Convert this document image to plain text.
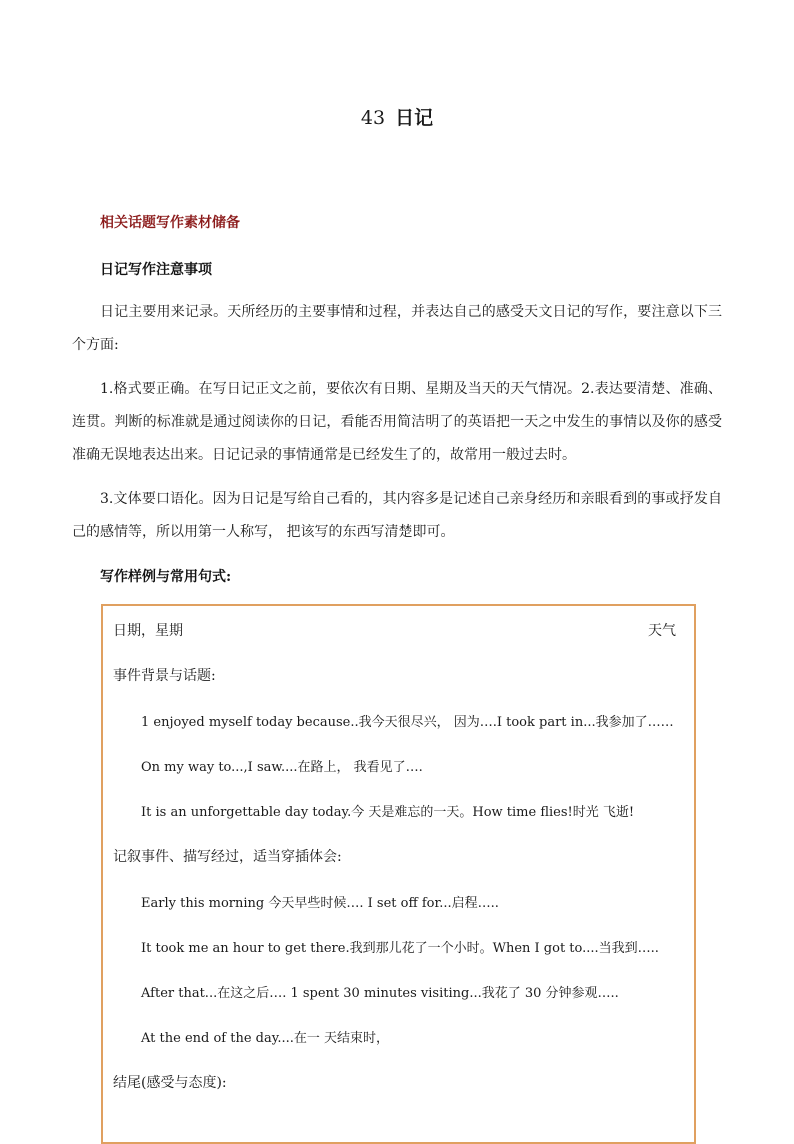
43 日记
相关话题写作素材储备
日记写作注意事项
日记主要用来记录。天所经历的主要事情和过程，并表达自己的感受天文日记的写作，要注意以下三个方面:
1.格式要正确。在写日记正文之前，要依次有日期、星期及当天的天气情况。2.表达要清楚、准确、连贯。判断的标准就是通过阅读你的日记，看能否用简洁明了的英语把一天之中发生的事情以及你的感受准确无误地表达出来。日记记录的事情通常是已经发生了的，故常用一般过去时。
3.文体要口语化。因为日记是写给自己看的，其内容多是记述自己亲身经历和亲眼看到的事或抒发自己的感情等，所以用第一人称写， 把该写的东西写清楚即可。
写作样例与常用句式:
日期，星期	天气
事件背景与话题:
1 enjoyed myself today because..我今天很尽兴， 因为….I took part in...我参加了……
On my way to...,I saw....在路上， 我看见了….
It is an unforgettable day today.今 天是难忘的一天。How time flies!时光 飞逝!
记叙事件、描写经过，适当穿插体会:
Early this morning 今天早些时候…. I set off for...启程…..
It took me an hour to get there.我到那儿花了一个小时。When I got to....当我到…..
After that...在这之后…. 1 spent 30 minutes visiting...我花了 30 分钟参观…..
At the end of the day....在一 天结束时，
结尾(感受与态度):
